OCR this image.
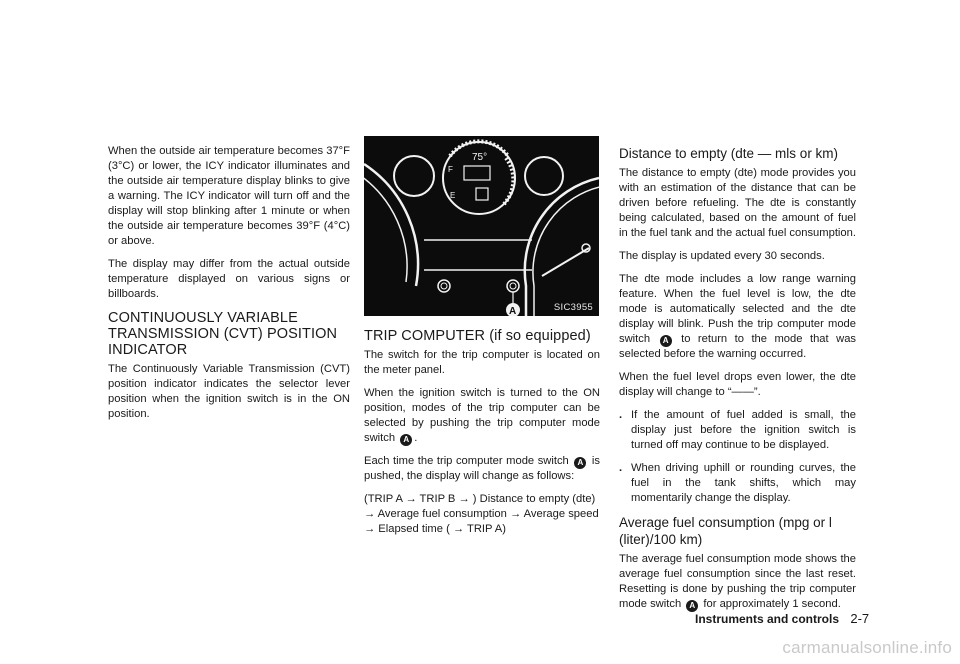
When the outside air temperature becomes 37°F (3°C) or lower, the ICY indicator illuminates and the outside air temperature display blinks to give a warning. The ICY indicator will turn off and the display will stop blinking after 1 minute or when the outside air temperature becomes 39°F (4°C) or above.

The display may differ from the actual outside temperature displayed on various signs or billboards.

CONTINUOUSLY VARIABLE TRANSMISSION (CVT) POSITION INDICATOR

The Continuously Variable Transmission (CVT) position indicator indicates the selector lever position when the ignition switch is in the ON position.

75°
F
E
A	SIC3955
TRIP COMPUTER (if so equipped)

The switch for the trip computer is located on the meter panel.

When the ignition switch is turned to the ON position, modes of the trip computer can be selected by pushing the trip computer mode switch A .

Each time the trip computer mode switch A is pushed, the display will change as follows:

(TRIP A → TRIP B → ) Distance to empty (dte) → Average fuel consumption → Average speed → Elapsed time ( → TRIP A)

Distance to empty (dte — mls or km)

The distance to empty (dte) mode provides you with an estimation of the distance that can be driven before refueling. The dte is constantly being calculated, based on the amount of fuel in the fuel tank and the actual fuel consumption.

The display is updated every 30 seconds.

The dte mode includes a low range warning feature. When the fuel level is low, the dte mode is automatically selected and the dte display will blink. Push the trip computer mode switch A to return to the mode that was selected before the warning occurred.

When the fuel level drops even lower, the dte display will change to “——”.

. If the amount of fuel added is small, the display just before the ignition switch is turned off may continue to be displayed.
. When driving uphill or rounding curves, the fuel in the tank shifts, which may momentarily change the display.
Average fuel consumption (mpg or l (liter)/100 km)

The average fuel consumption mode shows the average fuel consumption since the last reset. Resetting is done by pushing the trip computer mode switch A for approximately 1 second.

Instruments and controls 2-7
carmanualsonline.info
